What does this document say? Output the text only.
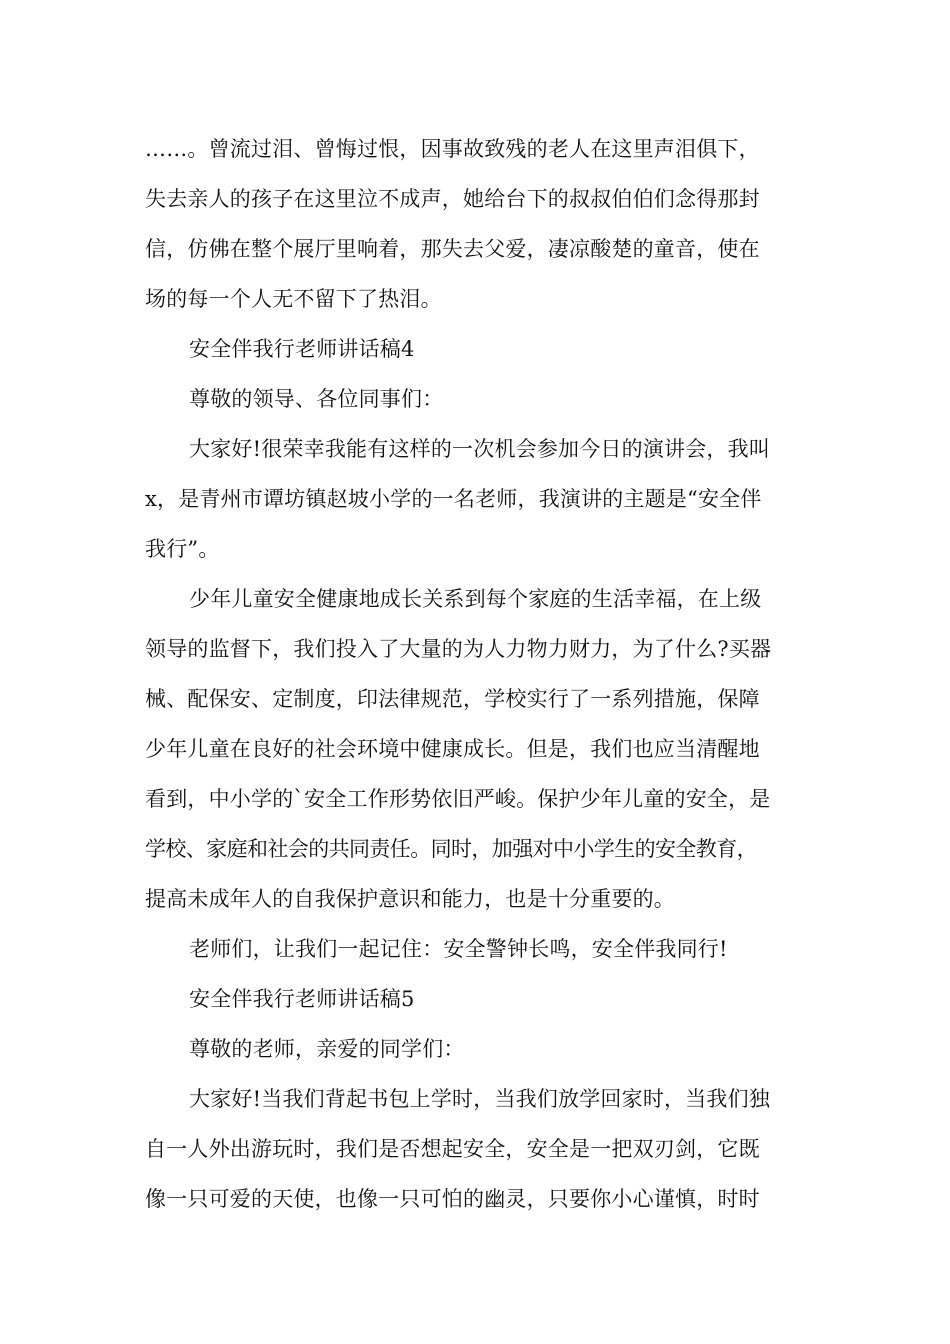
……。曾流过泪、曾悔过恨，因事故致残的老人在这里声泪俱下，
失去亲人的孩子在这里泣不成声，她给台下的叔叔伯伯们念得那封
信，仿佛在整个展厅里响着，那失去父爱，凄凉酸楚的童音，使在
场的每一个人无不留下了热泪。
安全伴我行老师讲话稿4
尊敬的领导、各位同事们：
大家好!很荣幸我能有这样的一次机会参加今日的演讲会，我叫
x，是青州市谭坊镇赵坡小学的一名老师，我演讲的主题是“安全伴
我行”。
少年儿童安全健康地成长关系到每个家庭的生活幸福，在上级
领导的监督下，我们投入了大量的为人力物力财力，为了什么?买器
械、配保安、定制度，印法律规范，学校实行了一系列措施，保障
少年儿童在良好的社会环境中健康成长。但是，我们也应当清醒地
看到，中小学的`安全工作形势依旧严峻。保护少年儿童的安全，是
学校、家庭和社会的共同责任。同时，加强对中小学生的安全教育，
提高未成年人的自我保护意识和能力，也是十分重要的。
老师们，让我们一起记住：安全警钟长鸣，安全伴我同行!
安全伴我行老师讲话稿5
尊敬的老师，亲爱的同学们：
大家好!当我们背起书包上学时，当我们放学回家时，当我们独
自一人外出游玩时，我们是否想起安全，安全是一把双刃剑，它既
像一只可爱的天使，也像一只可怕的幽灵，只要你小心谨慎，时时
